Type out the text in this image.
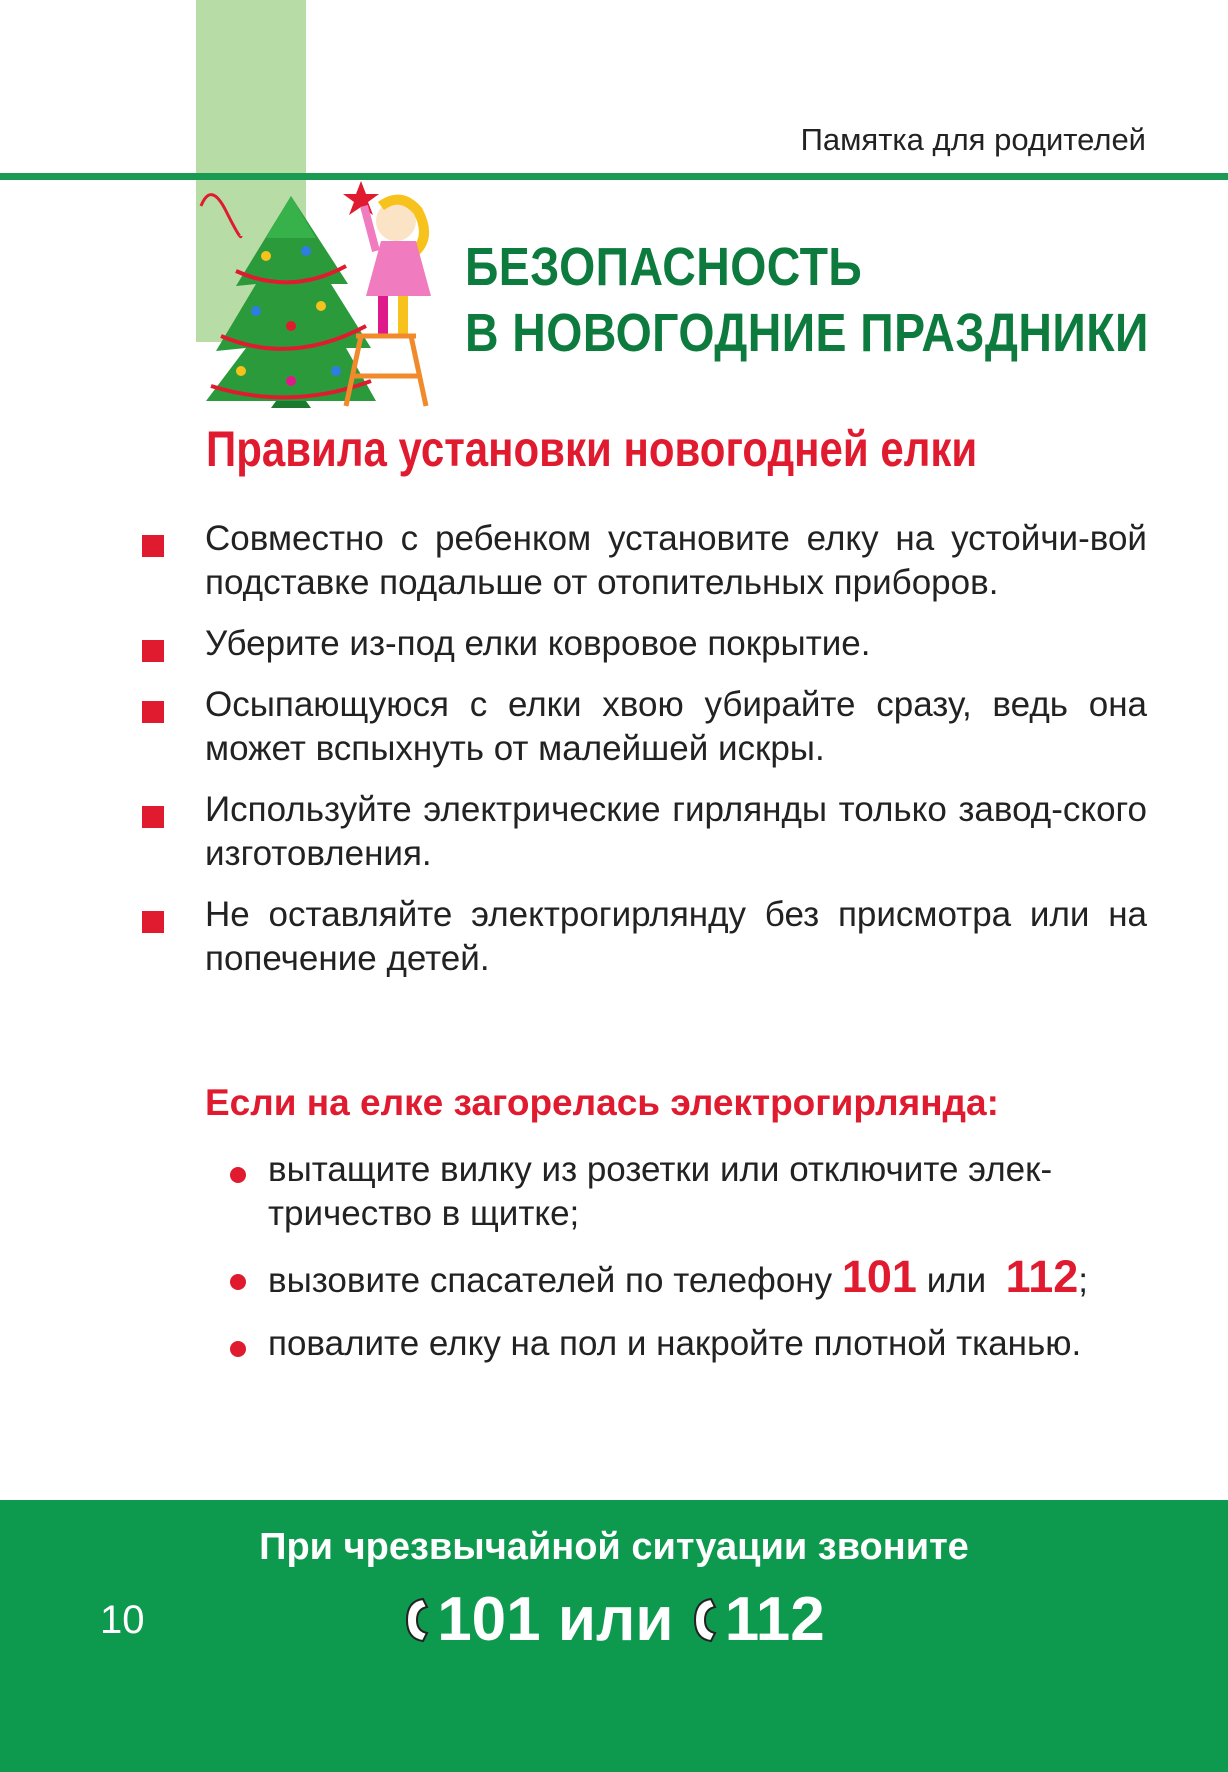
Памятка для родителей
БЕЗОПАСНОСТЬ
В НОВОГОДНИЕ ПРАЗДНИКИ
Правила установки новогодней елки
Совместно с ребенком установите елку на устойчи-вой подставке подальше от отопительных приборов.
Уберите из-под елки ковровое покрытие.
Осыпающуюся с елки хвою убирайте сразу, ведь она может вспыхнуть от малейшей искры.
Используйте электрические гирлянды только завод-ского изготовления.
Не оставляйте электрогирлянду без присмотра или на попечение детей.
Если на елке загорелась электрогирлянда:
вытащите вилку из розетки или отключите элек-тричество в щитке;
вызовите спасателей по телефону 101 или 112;
повалите елку на пол и накройте плотной тканью.
При чрезвычайной ситуации звоните
101 или 112
10
